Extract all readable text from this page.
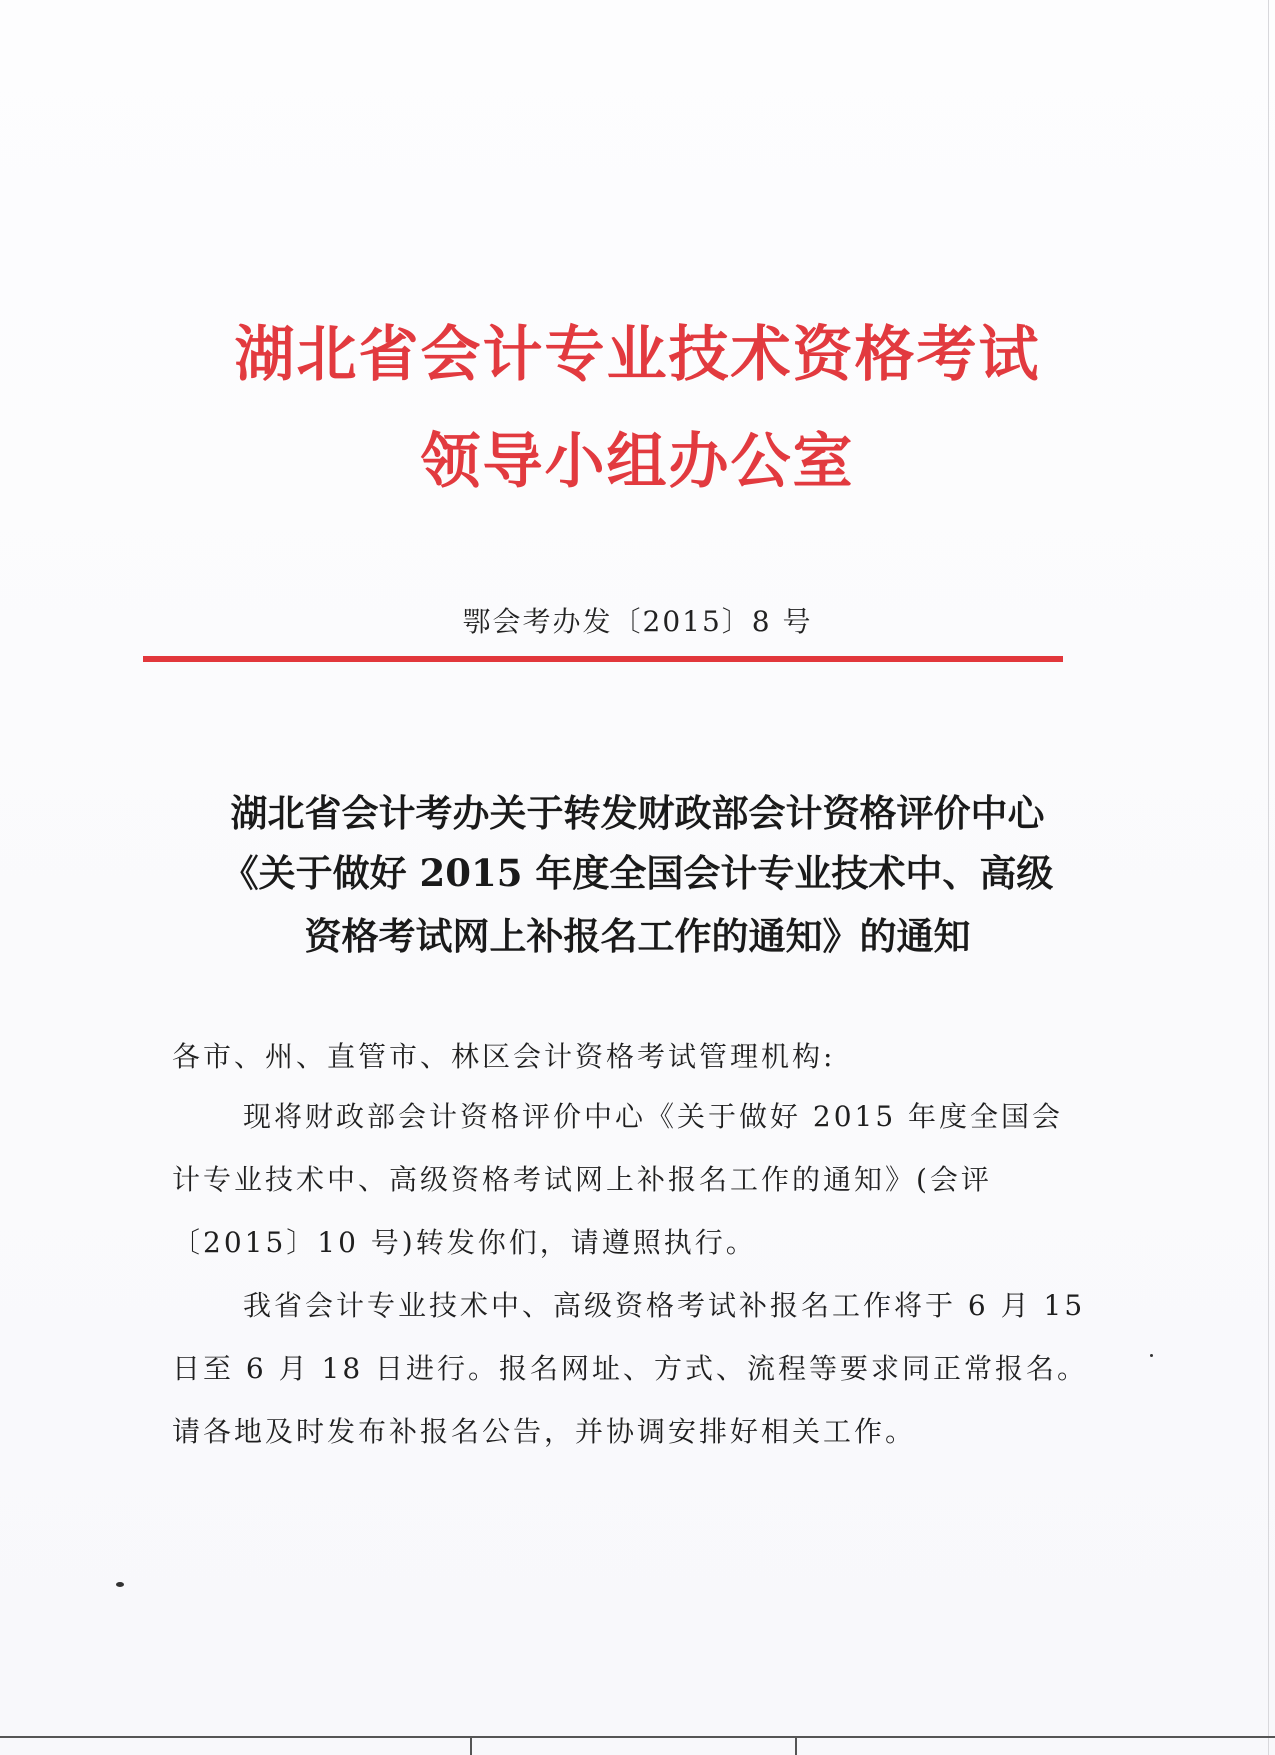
湖北省会计专业技术资格考试
领导小组办公室
鄂会考办发〔2015〕8 号
湖北省会计考办关于转发财政部会计资格评价中心
《关于做好 2015 年度全国会计专业技术中、高级
资格考试网上补报名工作的通知》的通知
各市、州、直管市、林区会计资格考试管理机构:
现将财政部会计资格评价中心《关于做好 2015 年度全国会
计专业技术中、高级资格考试网上补报名工作的通知》(会评
〔2015〕10 号)转发你们，请遵照执行。
我省会计专业技术中、高级资格考试补报名工作将于 6 月 15
日至 6 月 18 日进行。报名网址、方式、流程等要求同正常报名。
请各地及时发布补报名公告，并协调安排好相关工作。
